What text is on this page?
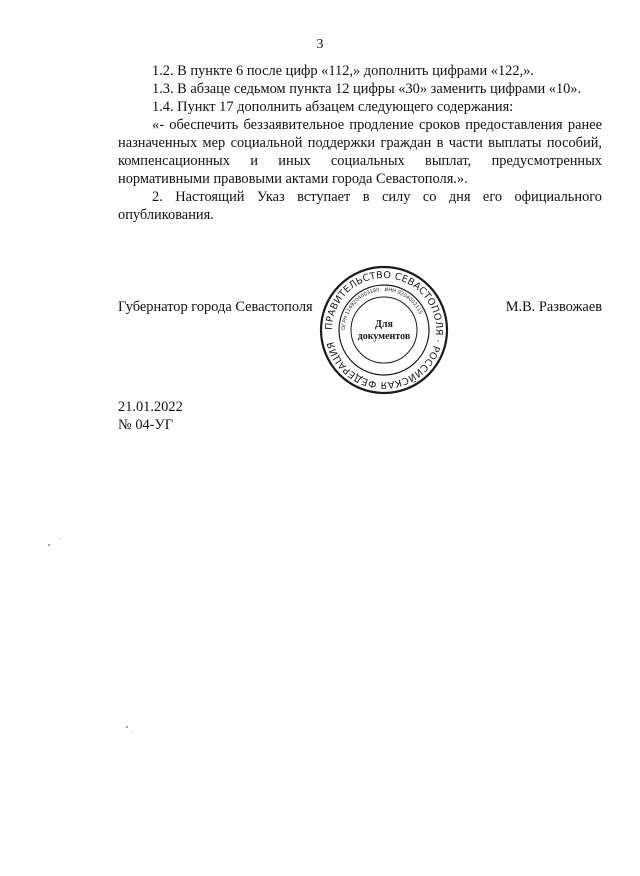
3

1.2. В пункте 6 после цифр «112,» дополнить цифрами «122,».

1.3. В абзаце седьмом пункта 12 цифры «30» заменить цифрами «10».

1.4. Пункт 17 дополнить абзацем следующего содержания:

«- обеспечить беззаявительное продление сроков предоставления ранее назначенных мер социальной поддержки граждан в части выплаты пособий, компенсационных и иных социальных выплат, предусмотренных нормативными правовыми актами города Севастополя.».

2. Настоящий Указ вступает в силу со дня его официального опубликования.

Губернатор города Севастополя
ПРАВИТЕЛЬСТВО СЕВАСТОПОЛЯ · РОССИЙСКАЯ ФЕДЕРАЦИЯ
ОГРН 1149204003180 · ИНН 9204002115
Для
документов
М.В. Развожаев
21.01.2022
№ 04-УГ
